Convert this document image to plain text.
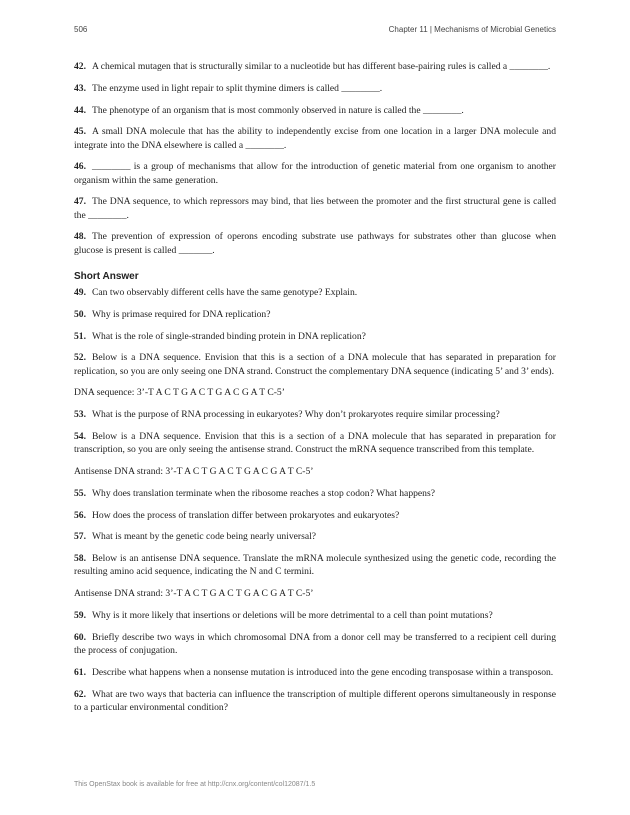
506	Chapter 11 | Mechanisms of Microbial Genetics

42. A chemical mutagen that is structurally similar to a nucleotide but has different base-pairing rules is called a ________.

43. The enzyme used in light repair to split thymine dimers is called ________.

44. The phenotype of an organism that is most commonly observed in nature is called the ________.

45. A small DNA molecule that has the ability to independently excise from one location in a larger DNA molecule and integrate into the DNA elsewhere is called a ________.

46. ________ is a group of mechanisms that allow for the introduction of genetic material from one organism to another organism within the same generation.

47. The DNA sequence, to which repressors may bind, that lies between the promoter and the first structural gene is called the ________.

48. The prevention of expression of operons encoding substrate use pathways for substrates other than glucose when glucose is present is called _______.

Short Answer

49. Can two observably different cells have the same genotype? Explain.

50. Why is primase required for DNA replication?

51. What is the role of single-stranded binding protein in DNA replication?

52. Below is a DNA sequence. Envision that this is a section of a DNA molecule that has separated in preparation for replication, so you are only seeing one DNA strand. Construct the complementary DNA sequence (indicating 5’ and 3’ ends).

DNA sequence: 3’-T A C T G A C T G A C G A T C-5’

53. What is the purpose of RNA processing in eukaryotes? Why don’t prokaryotes require similar processing?

54. Below is a DNA sequence. Envision that this is a section of a DNA molecule that has separated in preparation for transcription, so you are only seeing the antisense strand. Construct the mRNA sequence transcribed from this template.

Antisense DNA strand: 3’-T A C T G A C T G A C G A T C-5’

55. Why does translation terminate when the ribosome reaches a stop codon? What happens?

56. How does the process of translation differ between prokaryotes and eukaryotes?

57. What is meant by the genetic code being nearly universal?

58. Below is an antisense DNA sequence. Translate the mRNA molecule synthesized using the genetic code, recording the resulting amino acid sequence, indicating the N and C termini.

Antisense DNA strand: 3’-T A C T G A C T G A C G A T C-5’

59. Why is it more likely that insertions or deletions will be more detrimental to a cell than point mutations?

60. Briefly describe two ways in which chromosomal DNA from a donor cell may be transferred to a recipient cell during the process of conjugation.

61. Describe what happens when a nonsense mutation is introduced into the gene encoding transposase within a transposon.

62. What are two ways that bacteria can influence the transcription of multiple different operons simultaneously in response to a particular environmental condition?

This OpenStax book is available for free at http://cnx.org/content/col12087/1.5
